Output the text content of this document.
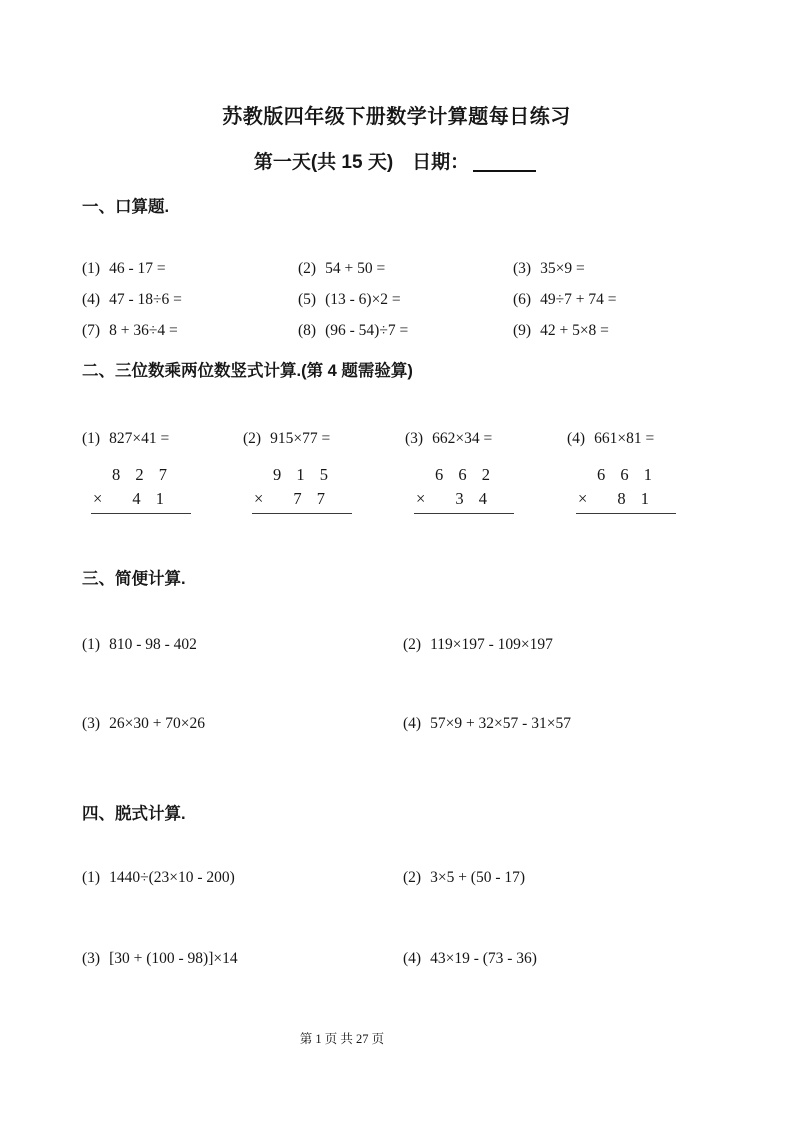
苏教版四年级下册数学计算题每日练习
第一天(共 15 天)　日期：
一、口算题.
(1) 46 - 17 =	(2) 54 + 50 =	(3) 35×9 =
(4) 47 - 18÷6 =	(5) (13 - 6)×2 =	(6) 49÷7 + 74 =
(7) 8 + 36÷4 =	(8) (96 - 54)÷7 =	(9) 42 + 5×8 =
二、三位数乘两位数竖式计算.(第 4 题需验算)
(1) 827×41 =
8 2 7
× 4 1
(2) 915×77 =
9 1 5
× 7 7
(3) 662×34 =
6 6 2
× 3 4
(4) 661×81 =
6 6 1
× 8 1
三、简便计算.
(1) 810 - 98 - 402	(2) 119×197 - 109×197
(3) 26×30 + 70×26	(4) 57×9 + 32×57 - 31×57
四、脱式计算.
(1) 1440÷(23×10 - 200)	(2) 3×5 + (50 - 17)
(3) [30 + (100 - 98)]×14	(4) 43×19 - (73 - 36)
第 1 页 共 27 页
